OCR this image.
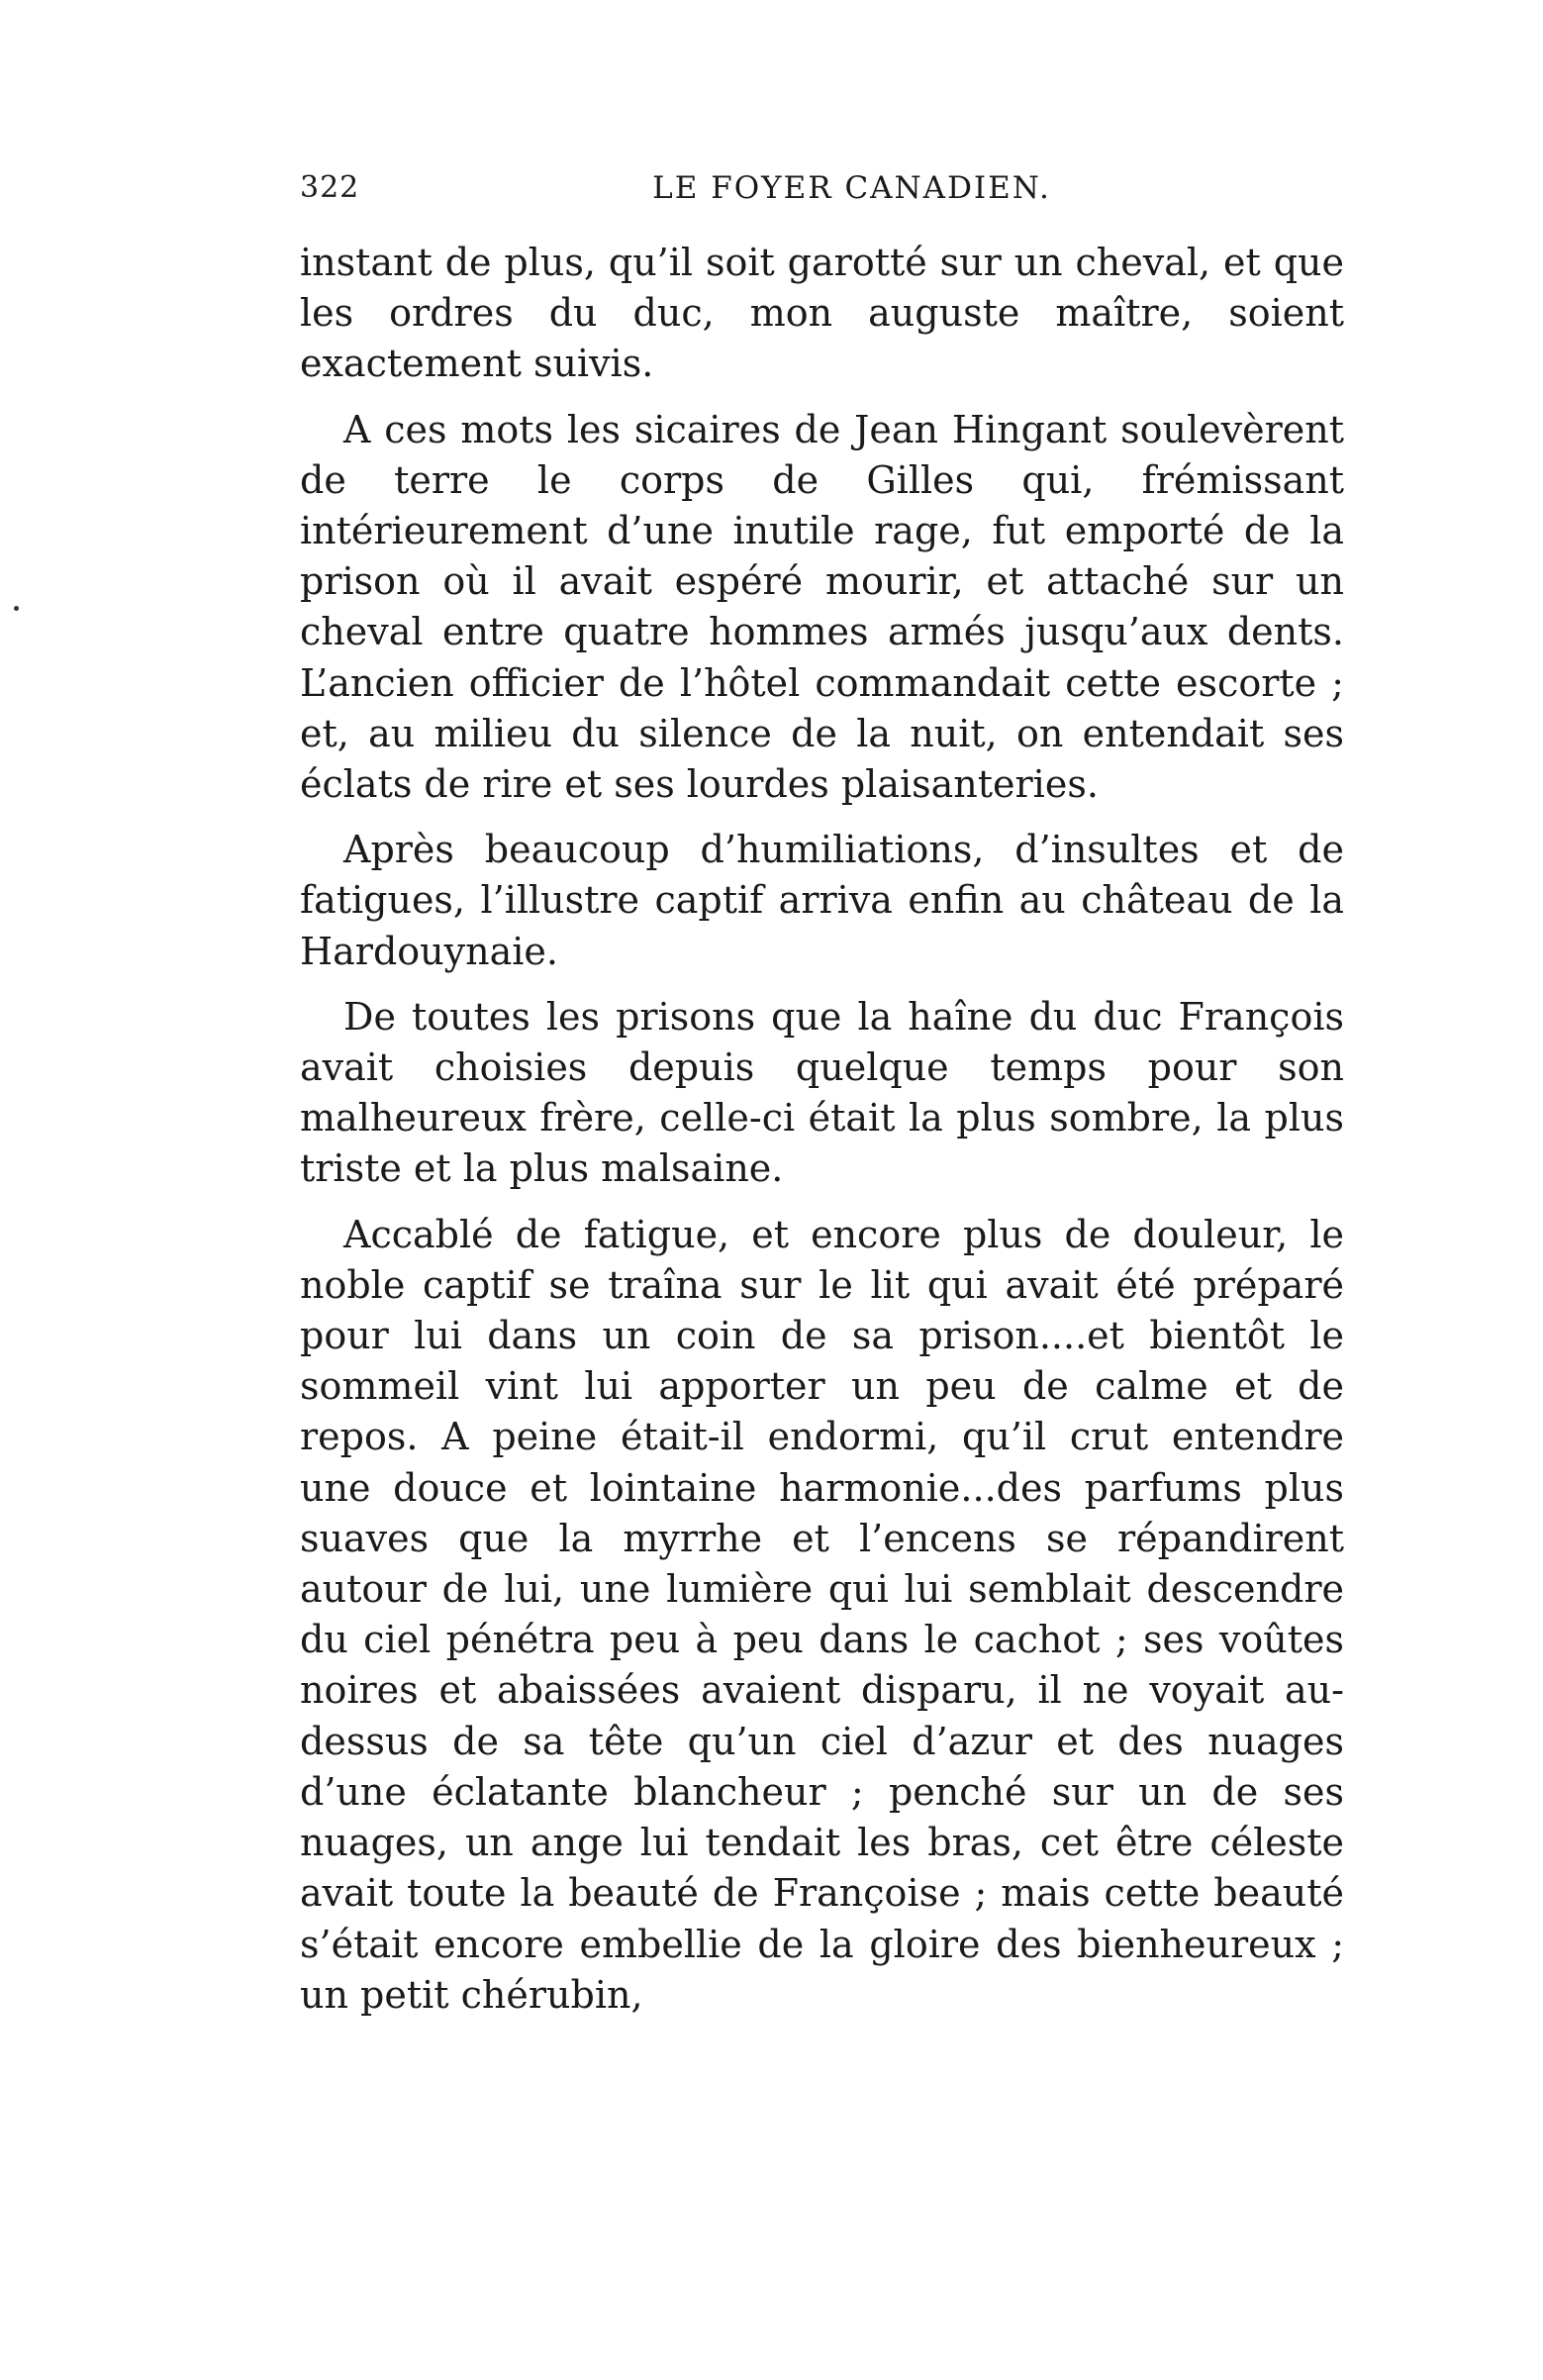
322	LE FOYER CANADIEN.

instant de plus, qu’il soit garotté sur un cheval, et que les ordres du duc, mon auguste maître, soient exactement suivis.

A ces mots les sicaires de Jean Hingant soulevèrent de terre le corps de Gilles qui, frémissant intérieurement d’une inutile rage, fut emporté de la prison où il avait espéré mourir, et attaché sur un cheval entre quatre hommes armés jusqu’aux dents. L’ancien officier de l’hôtel commandait cette escorte ; et, au milieu du silence de la nuit, on entendait ses éclats de rire et ses lourdes plaisanteries.

Après beaucoup d’humiliations, d’insultes et de fatigues, l’illustre captif arriva enfin au château de la Hardouynaie.

De toutes les prisons que la haîne du duc François avait choisies depuis quelque temps pour son malheureux frère, celle-ci était la plus sombre, la plus triste et la plus malsaine.

Accablé de fatigue, et encore plus de douleur, le noble captif se traîna sur le lit qui avait été préparé pour lui dans un coin de sa prison....et bientôt le sommeil vint lui apporter un peu de calme et de repos. A peine était-il endormi, qu’il crut entendre une douce et lointaine harmonie...des parfums plus suaves que la myrrhe et l’encens se répandirent autour de lui, une lumière qui lui semblait descendre du ciel pénétra peu à peu dans le cachot ; ses voûtes noires et abaissées avaient disparu, il ne voyait au-dessus de sa tête qu’un ciel d’azur et des nuages d’une éclatante blancheur ; penché sur un de ses nuages, un ange lui tendait les bras, cet être céleste avait toute la beauté de Françoise ; mais cette beauté s’était encore embellie de la gloire des bienheureux ; un petit chérubin,
